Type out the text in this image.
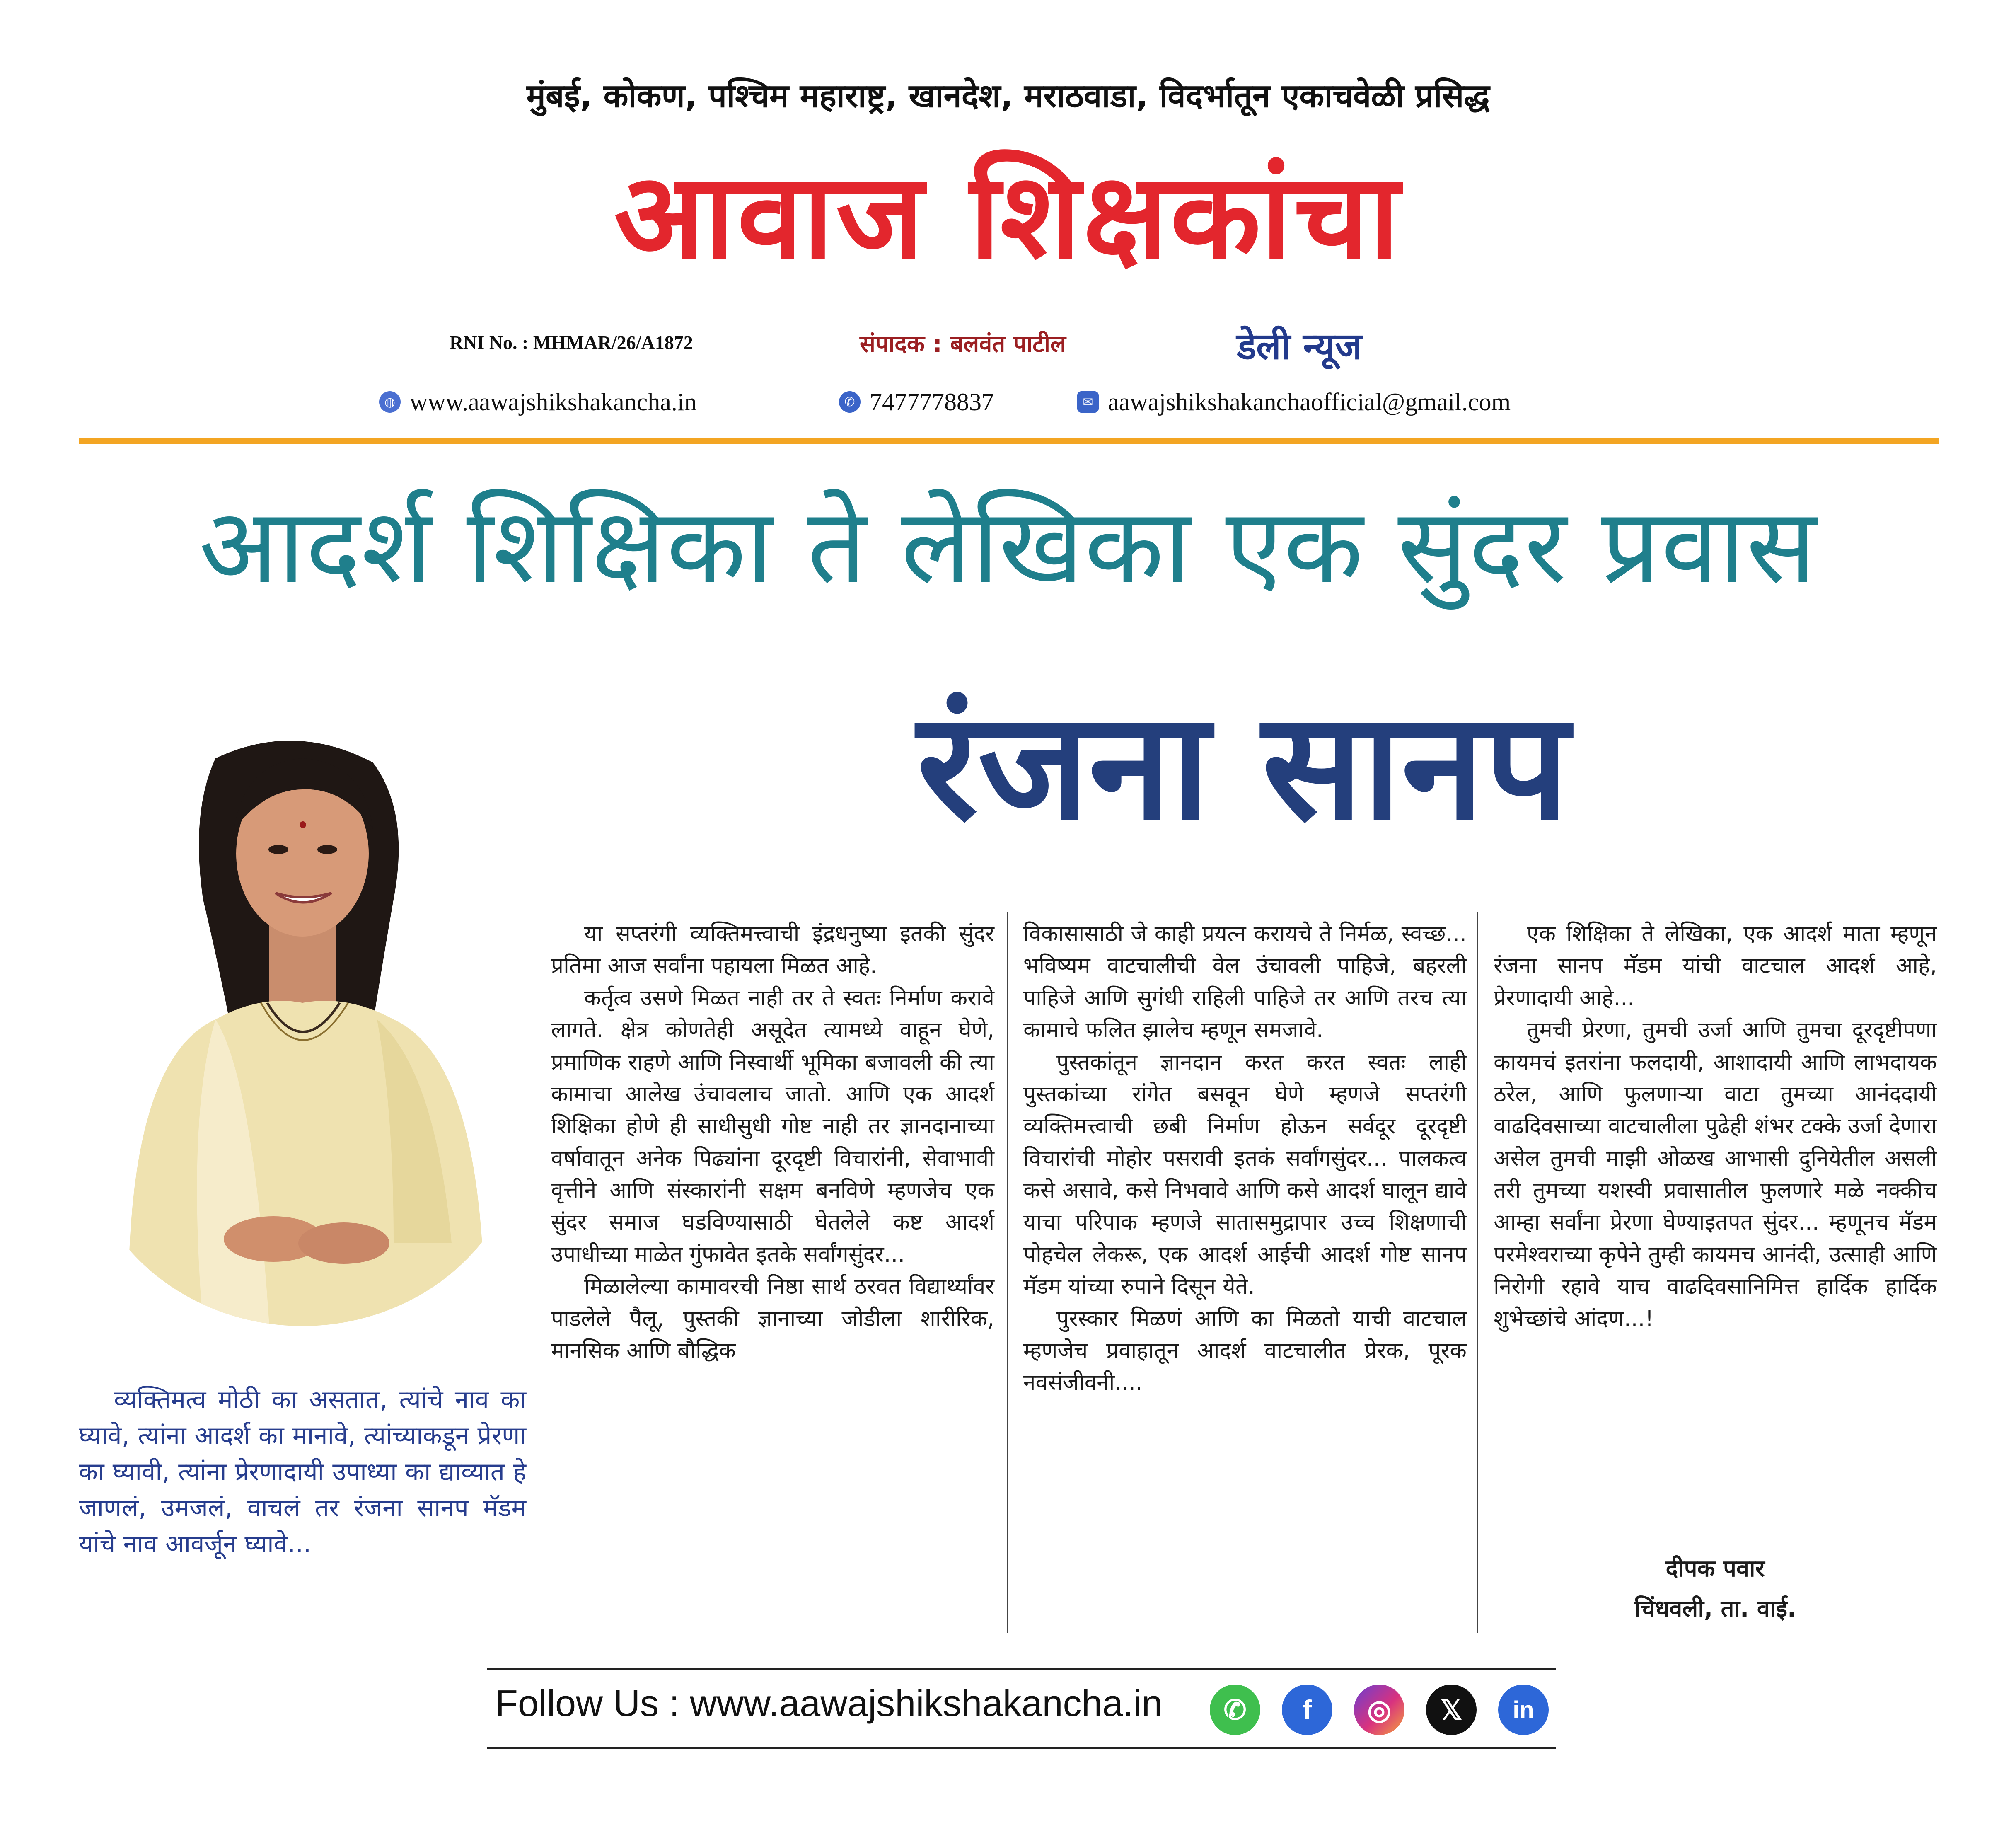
मुंबई, कोकण, पश्चिम महाराष्ट्र, खानदेश, मराठवाडा, विदर्भातून एकाचवेळी प्रसिद्ध
आवाज शिक्षकांचा
RNI No. : MHMAR/26/A1872	संपादक : बलवंत पाटील	डेली न्यूज
◍ www.aawajshikshakancha.in	✆ 7477778837	✉ aawajshikshakanchaofficial@gmail.com
आदर्श शिक्षिका ते लेखिका एक सुंदर प्रवास
रंजना सानप
व्यक्तिमत्व मोठी का असतात, त्यांचे नाव का घ्यावे, त्यांना आदर्श का मानावे, त्यांच्याकडून प्रेरणा का घ्यावी, त्यांना प्रेरणादायी उपाध्या का द्याव्यात हे जाणलं, उमजलं, वाचलं तर रंजना सानप मॅडम यांचे नाव आवर्जून घ्यावे...

या सप्तरंगी व्यक्तिमत्त्वाची इंद्रधनुष्या इतकी सुंदर प्रतिमा आज सर्वांना पहायला मिळत आहे.

कर्तृत्व उसणे मिळत नाही तर ते स्वतः निर्माण करावे लागते. क्षेत्र कोणतेही असूदेत त्यामध्ये वाहून घेणे, प्रमाणिक राहणे आणि निस्वार्थी भूमिका बजावली की त्या कामाचा आलेख उंचावलाच जातो. आणि एक आदर्श शिक्षिका होणे ही साधीसुधी गोष्ट नाही तर ज्ञानदानाच्या वर्षावातून अनेक पिढ्यांना दूरदृष्टी विचारांनी, सेवाभावी वृत्तीने आणि संस्कारांनी सक्षम बनविणे म्हणजेच एक सुंदर समाज घडविण्यासाठी घेतलेले कष्ट आदर्श उपाधीच्या माळेत गुंफावेत इतके सर्वांगसुंदर...

मिळालेल्या कामावरची निष्ठा सार्थ ठरवत विद्यार्थ्यांवर पाडलेले पैलू, पुस्तकी ज्ञानाच्या जोडीला शारीरिक, मानसिक आणि बौद्धिक

विकासासाठी जे काही प्रयत्न करायचे ते निर्मळ, स्वच्छ... भविष्यम वाटचालीची वेल उंचावली पाहिजे, बहरली पाहिजे आणि सुगंधी राहिली पाहिजे तर आणि तरच त्या कामाचे फलित झालेच म्हणून समजावे.

पुस्तकांतून ज्ञानदान करत करत स्वतः लाही पुस्तकांच्या रांगेत बसवून घेणे म्हणजे सप्तरंगी व्यक्तिमत्त्वाची छबी निर्माण होऊन सर्वदूर दूरदृष्टी विचारांची मोहोर पसरावी इतकं सर्वांगसुंदर... पालकत्व कसे असावे, कसे निभवावे आणि कसे आदर्श घालून द्यावे याचा परिपाक म्हणजे सातासमुद्रापार उच्च शिक्षणाची पोहचेल लेकरू, एक आदर्श आईची आदर्श गोष्ट सानप मॅडम यांच्या रुपाने दिसून येते.

पुरस्कार मिळणं आणि का मिळतो याची वाटचाल म्हणजेच प्रवाहातून आदर्श वाटचालीत प्रेरक, पूरक नवसंजीवनी....

एक शिक्षिका ते लेखिका, एक आदर्श माता म्हणून रंजना सानप मॅडम यांची वाटचाल आदर्श आहे, प्रेरणादायी आहे...

तुमची प्रेरणा, तुमची उर्जा आणि तुमचा दूरदृष्टीपणा कायमचं इतरांना फलदायी, आशादायी आणि लाभदायक ठरेल, आणि फुलणाऱ्या वाटा तुमच्या आनंददायी वाढदिवसाच्या वाटचालीला पुढेही शंभर टक्के उर्जा देणारा असेल तुमची माझी ओळख आभासी दुनियेतील असली तरी तुमच्या यशस्वी प्रवासातील फुलणारे मळे नक्कीच आम्हा सर्वांना प्रेरणा घेण्याइतपत सुंदर... म्हणूनच मॅडम परमेश्वराच्या कृपेने तुम्ही कायमच आनंदी, उत्साही आणि निरोगी रहावे याच वाढदिवसानिमित्त हार्दिक हार्दिक शुभेच्छांचे आंदण...!

दीपक पवार
चिंधवली, ता. वाई.
Follow Us : www.aawajshikshakancha.in	✆	f	◎	𝕏	in
